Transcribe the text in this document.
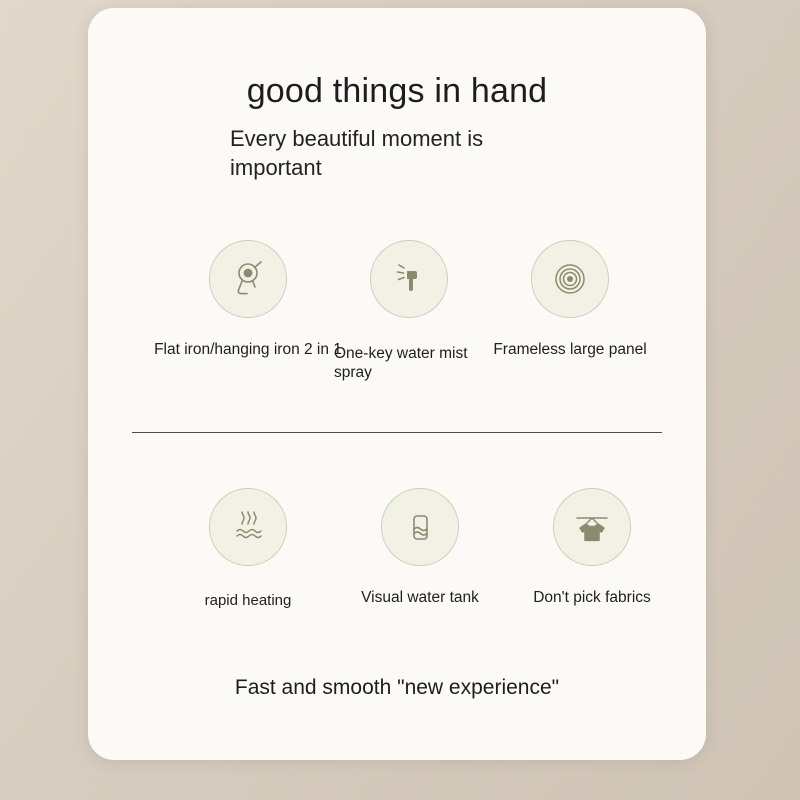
good things in hand
Every beautiful moment is important
Flat iron/hanging iron 2 in 1
One-key water mist spray
Frameless large panel
rapid heating	Visual water tank	Don't pick fabrics
Fast and smooth "new experience"
